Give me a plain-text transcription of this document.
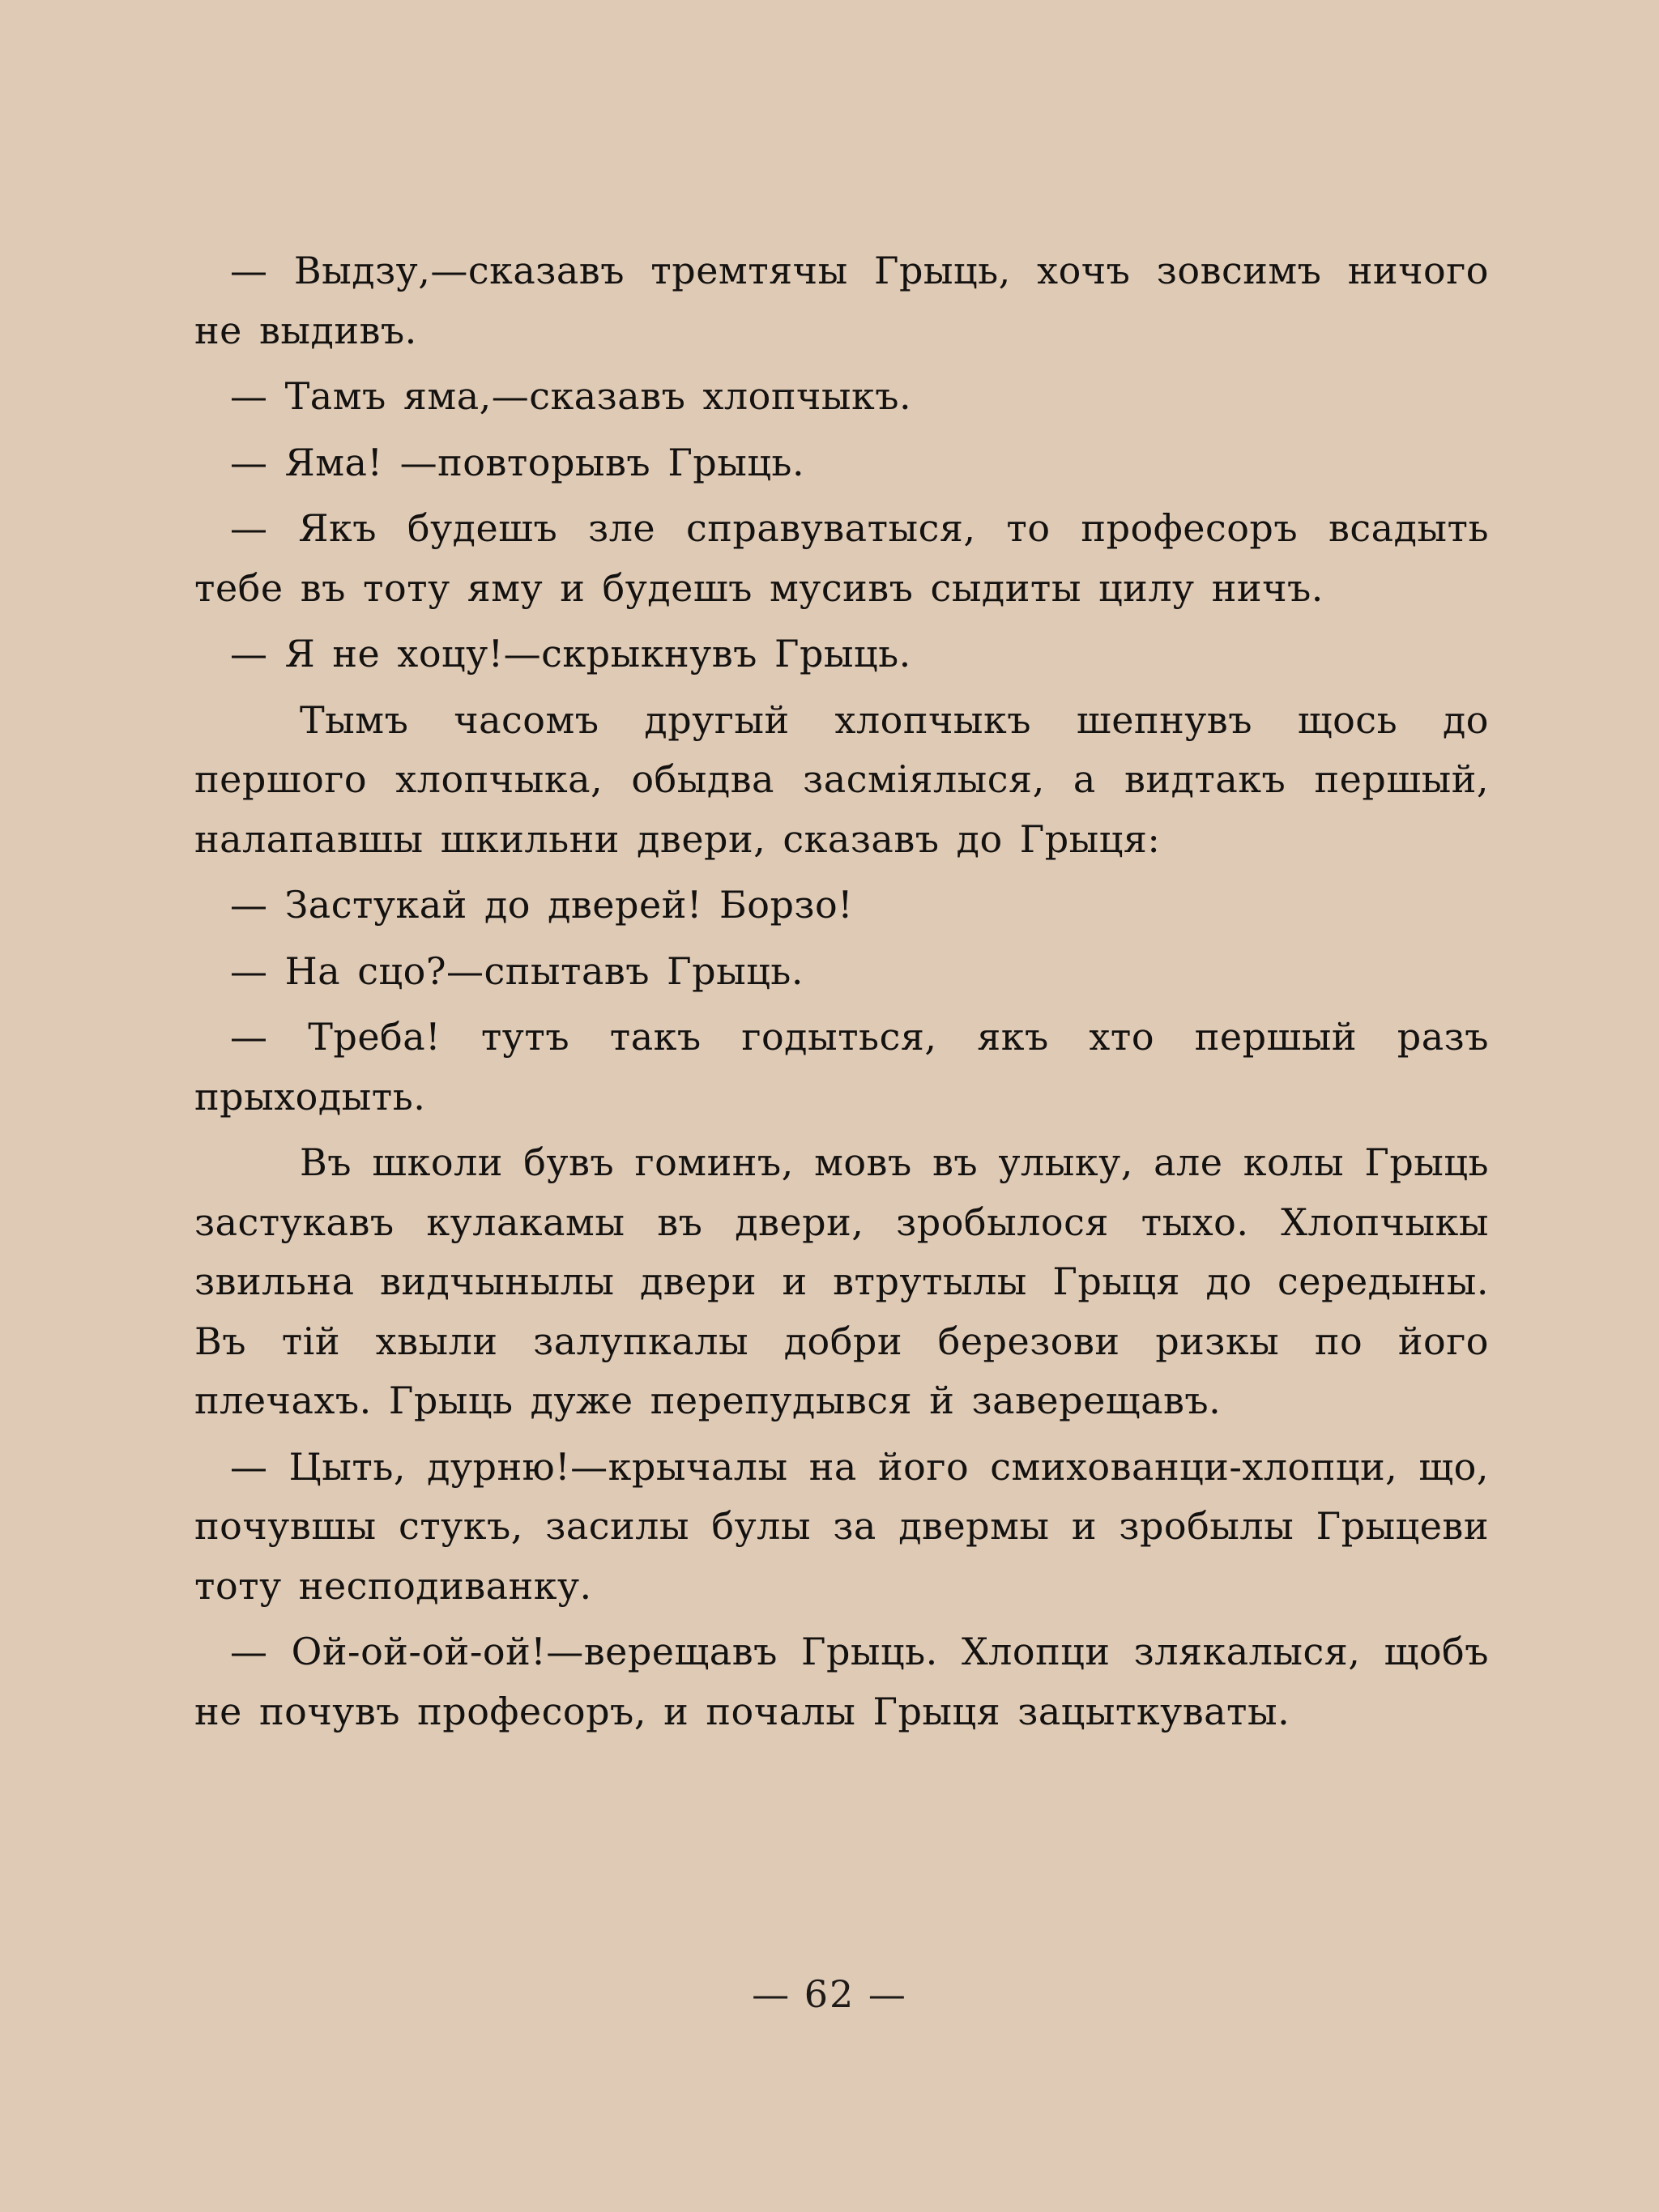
— Выдзу,—сказавъ тремтячы Грыць, хочъ зовсимъ ничого не выдивъ.

— Тамъ яма,—сказавъ хлопчыкъ.

— Яма! —повторывъ Грыць.

— Якъ будешъ зле справуватыся, то професоръ всадыть тебе въ тоту яму и будешъ мусивъ сыдиты цилу ничъ.

— Я не хоцу!—скрыкнувъ Грыць.

Тымъ часомъ другый хлопчыкъ шепнувъ щось до першого хлопчыка, обыдва засміялыся, а видтакъ першый, налапавшы шкильни двери, сказавъ до Грыця:

— Застукай до дверей! Борзо!

— На сцо?—спытавъ Грыць.

— Треба! тутъ такъ годыться, якъ хто першый разъ прыходыть.

Въ школи бувъ гоминъ, мовъ въ улыку, але колы Грыць застукавъ кулакамы въ двери, зробылося тыхо. Хлопчыкы звильна видчынылы двери и втрутылы Грыця до середыны. Въ тій хвыли залупкалы добри березови ризкы по його плечахъ. Грыць дуже перепудывся й заверещавъ.

— Цыть, дурню!—крычалы на його смихованци-хлопци, що, почувшы стукъ, засилы булы за двермы и зробылы Грыцеви тоту несподиванку.

— Ой-ой-ой-ой!—верещавъ Грыць. Хлопци злякалыся, щобъ не почувъ професоръ, и почалы Грыця зацыткуваты.

— 62 —
